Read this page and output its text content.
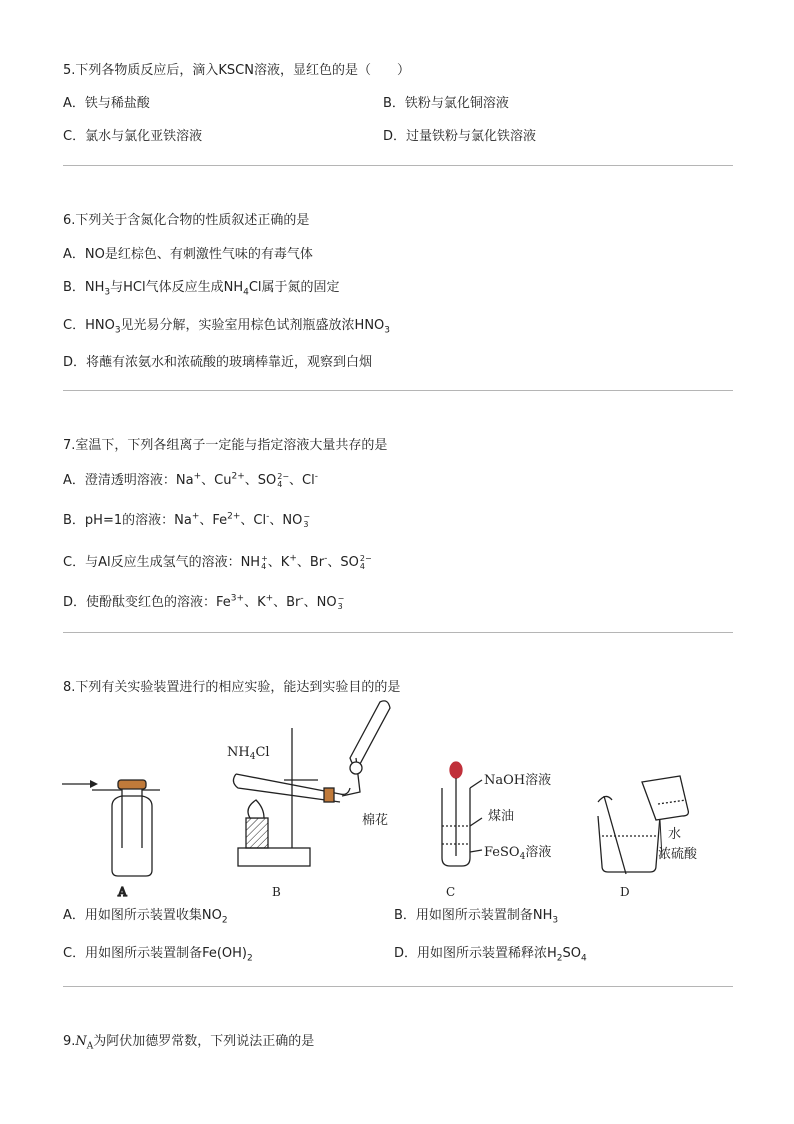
5.下列各物质反应后，滴入KSCN溶液，显红色的是（　　）
A．铁与稀盐酸	B．铁粉与氯化铜溶液
C．氯水与氯化亚铁溶液	D．过量铁粉与氯化铁溶液
6.下列关于含氮化合物的性质叙述正确的是
A．NO是红棕色、有刺激性气味的有毒气体
B．$NH_3$与HCl气体反应生成$NH_4Cl$属于氮的固定
C．$HNO_3$见光易分解，实验室用棕色试剂瓶盛放浓$HNO_3$
D．将蘸有浓氨水和浓硫酸的玻璃棒靠近，观察到白烟
7.室温下，下列各组离子一定能与指定溶液大量共存的是
A．澄清透明溶液：Na+、$Cu^{2+}$、SO 2−
4 、Cl-
B．pH=1的溶液：Na+、$Fe^{2+}$、Cl-、NO −
3
C．与Al反应生成氢气的溶液：NH +
4 、K+、Br-、SO 2−
4
D．使酚酞变红色的溶液：$Fe^{3+}$、K+、Br-、NO −
3
8.下列有关实验装置进行的相应实验，能达到实验目的的是
A
$NH_4Cl$
棉花
B
NaOH溶液
煤油
FeSO$_4$溶液
C
水
浓硫酸
D
A．用如图所示装置收集$NO_2$	B．用如图所示装置制备$NH_3$
C．用如图所示装置制备$Fe(OH)_2$	D．用如图所示装置稀释浓$H_2SO_4$
$9.N_A$为阿伏加德罗常数，下列说法正确的是
